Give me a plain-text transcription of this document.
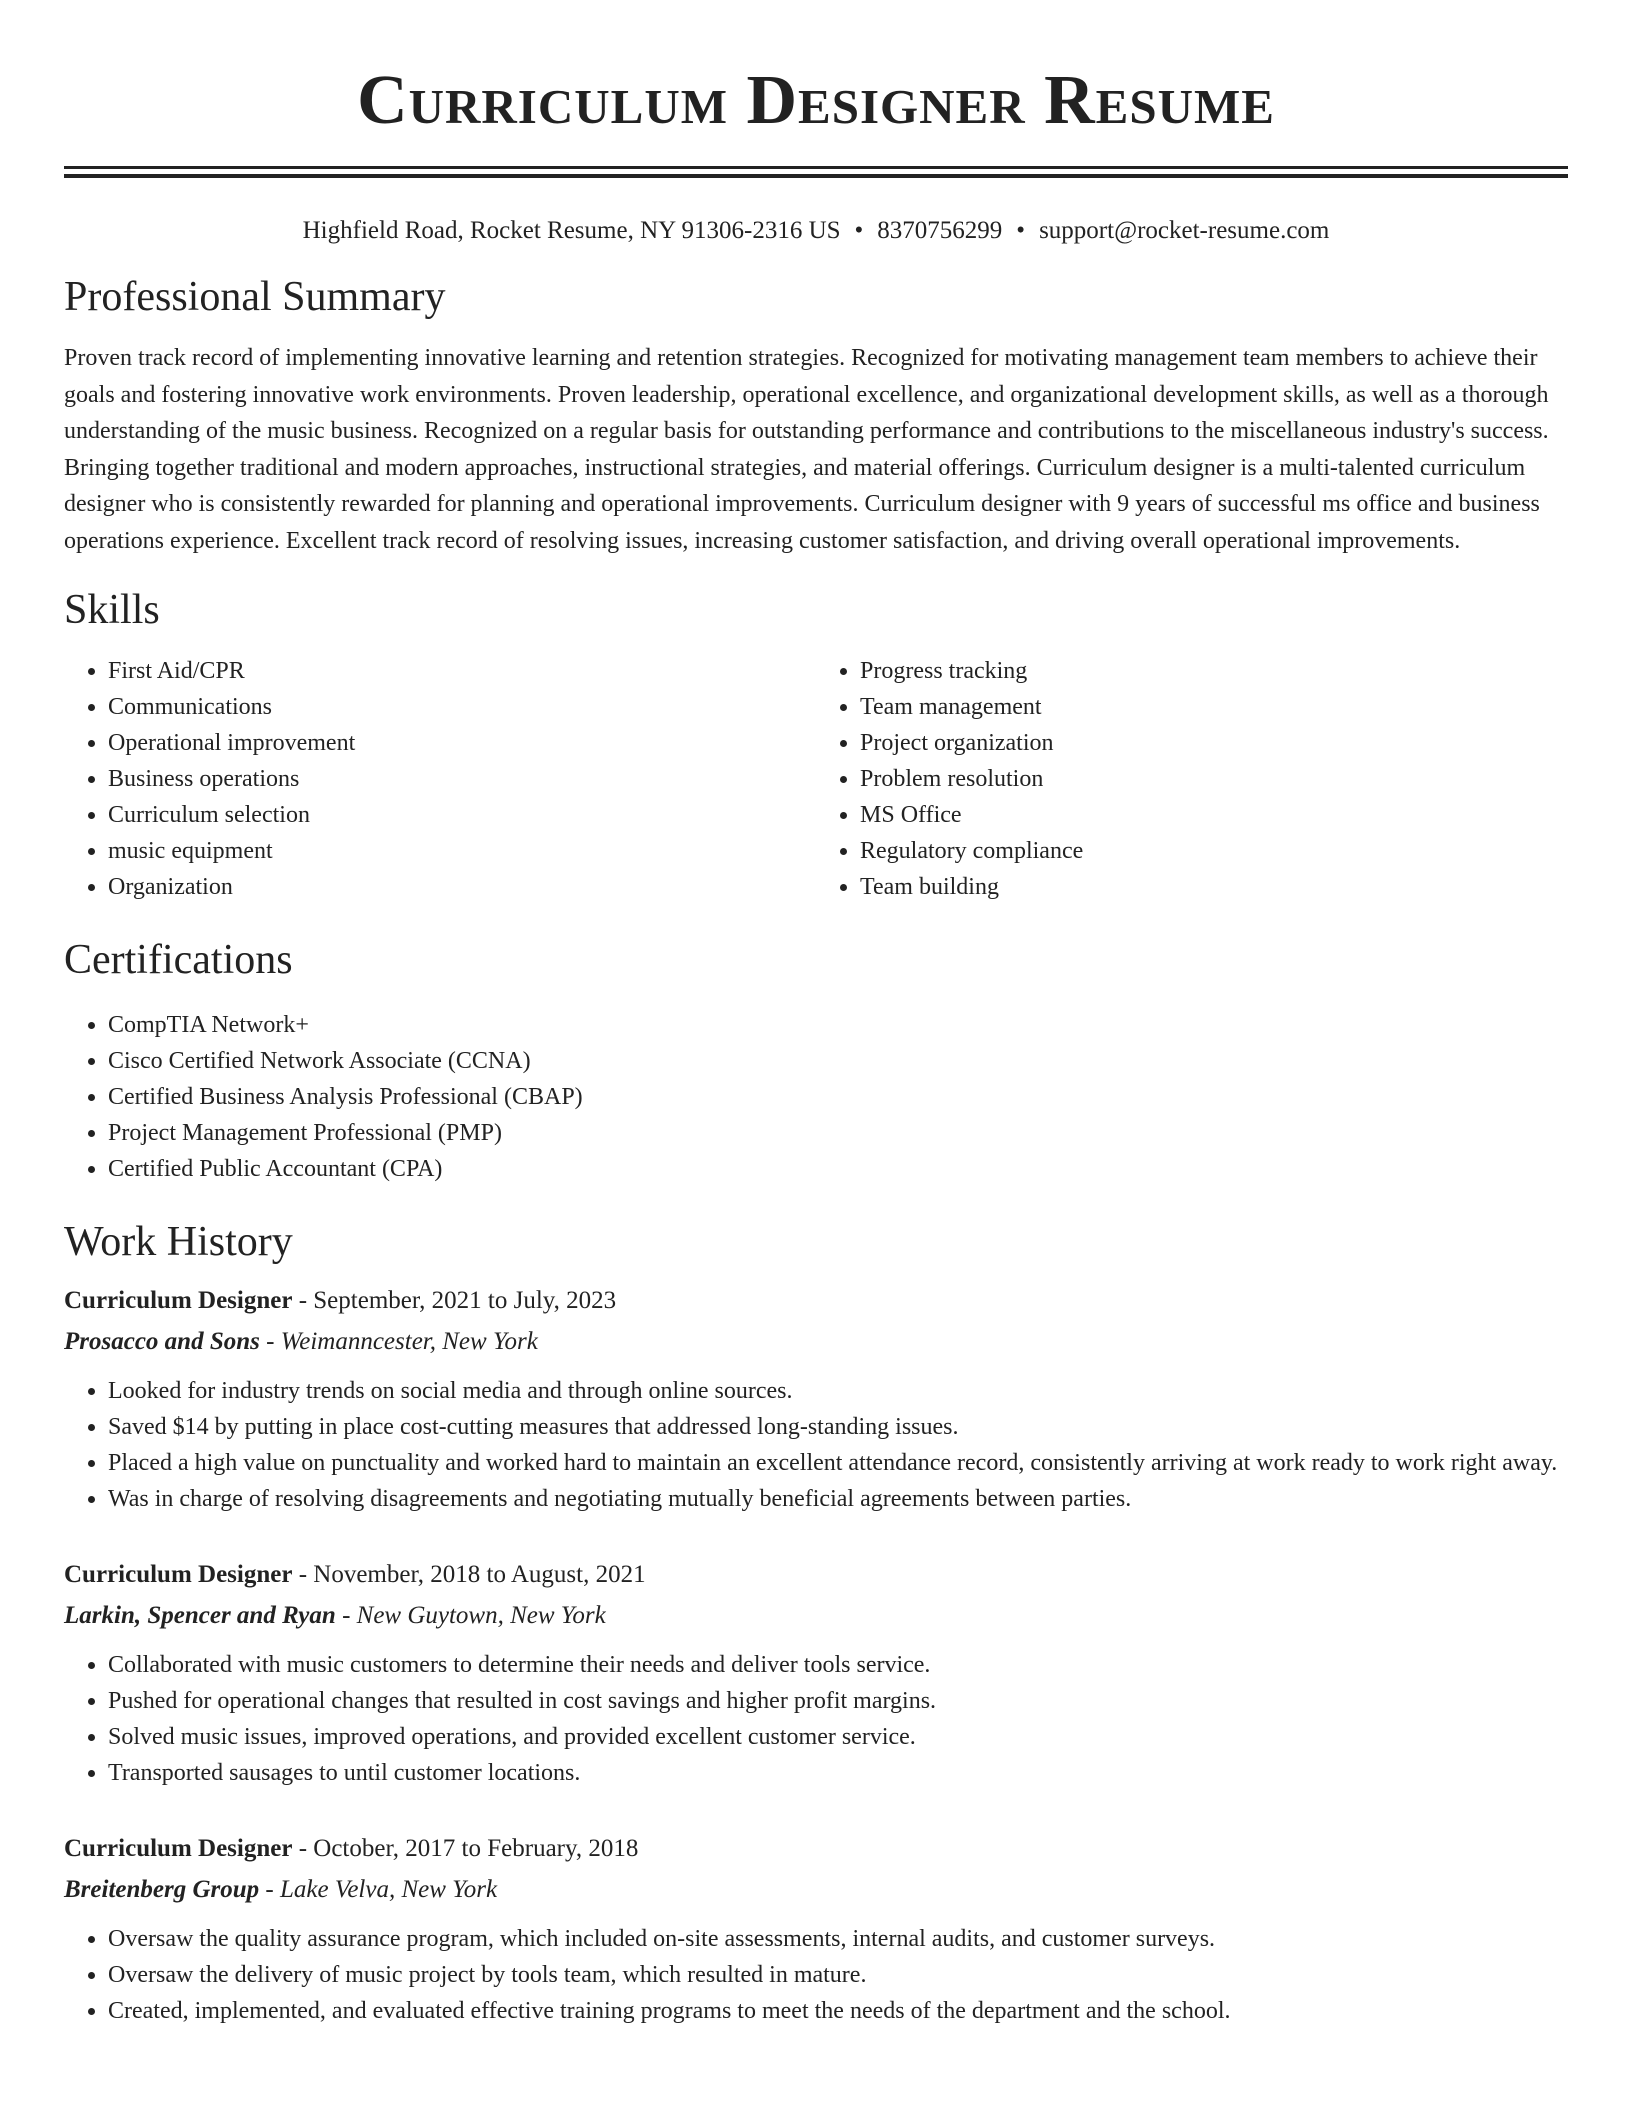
Curriculum Designer Resume
Highfield Road, Rocket Resume, NY 91306-2316 US • 8370756299 • support@rocket-resume.com
Professional Summary

Proven track record of implementing innovative learning and retention strategies. Recognized for motivating management team members to achieve their goals and fostering innovative work environments. Proven leadership, operational excellence, and organizational development skills, as well as a thorough understanding of the music business. Recognized on a regular basis for outstanding performance and contributions to the miscellaneous industry's success. Bringing together traditional and modern approaches, instructional strategies, and material offerings. Curriculum designer is a multi-talented curriculum designer who is consistently rewarded for planning and operational improvements. Curriculum designer with 9 years of successful ms office and business operations experience. Excellent track record of resolving issues, increasing customer satisfaction, and driving overall operational improvements.

Skills
• First Aid/CPR
• Communications
• Operational improvement
• Business operations
• Curriculum selection
• music equipment
• Organization
• Progress tracking
• Team management
• Project organization
• Problem resolution
• MS Office
• Regulatory compliance
• Team building
Certifications
• CompTIA Network+
• Cisco Certified Network Associate (CCNA)
• Certified Business Analysis Professional (CBAP)
• Project Management Professional (PMP)
• Certified Public Accountant (CPA)
Work History
Curriculum Designer - September, 2021 to July, 2023
Prosacco and Sons - Weimanncester, New York
• Looked for industry trends on social media and through online sources.
• Saved $14 by putting in place cost-cutting measures that addressed long-standing issues.
• Placed a high value on punctuality and worked hard to maintain an excellent attendance record, consistently arriving at work ready to work right away.
• Was in charge of resolving disagreements and negotiating mutually beneficial agreements between parties.
Curriculum Designer - November, 2018 to August, 2021
Larkin, Spencer and Ryan - New Guytown, New York
• Collaborated with music customers to determine their needs and deliver tools service.
• Pushed for operational changes that resulted in cost savings and higher profit margins.
• Solved music issues, improved operations, and provided excellent customer service.
• Transported sausages to until customer locations.
Curriculum Designer - October, 2017 to February, 2018
Breitenberg Group - Lake Velva, New York
• Oversaw the quality assurance program, which included on-site assessments, internal audits, and customer surveys.
• Oversaw the delivery of music project by tools team, which resulted in mature.
• Created, implemented, and evaluated effective training programs to meet the needs of the department and the school.
